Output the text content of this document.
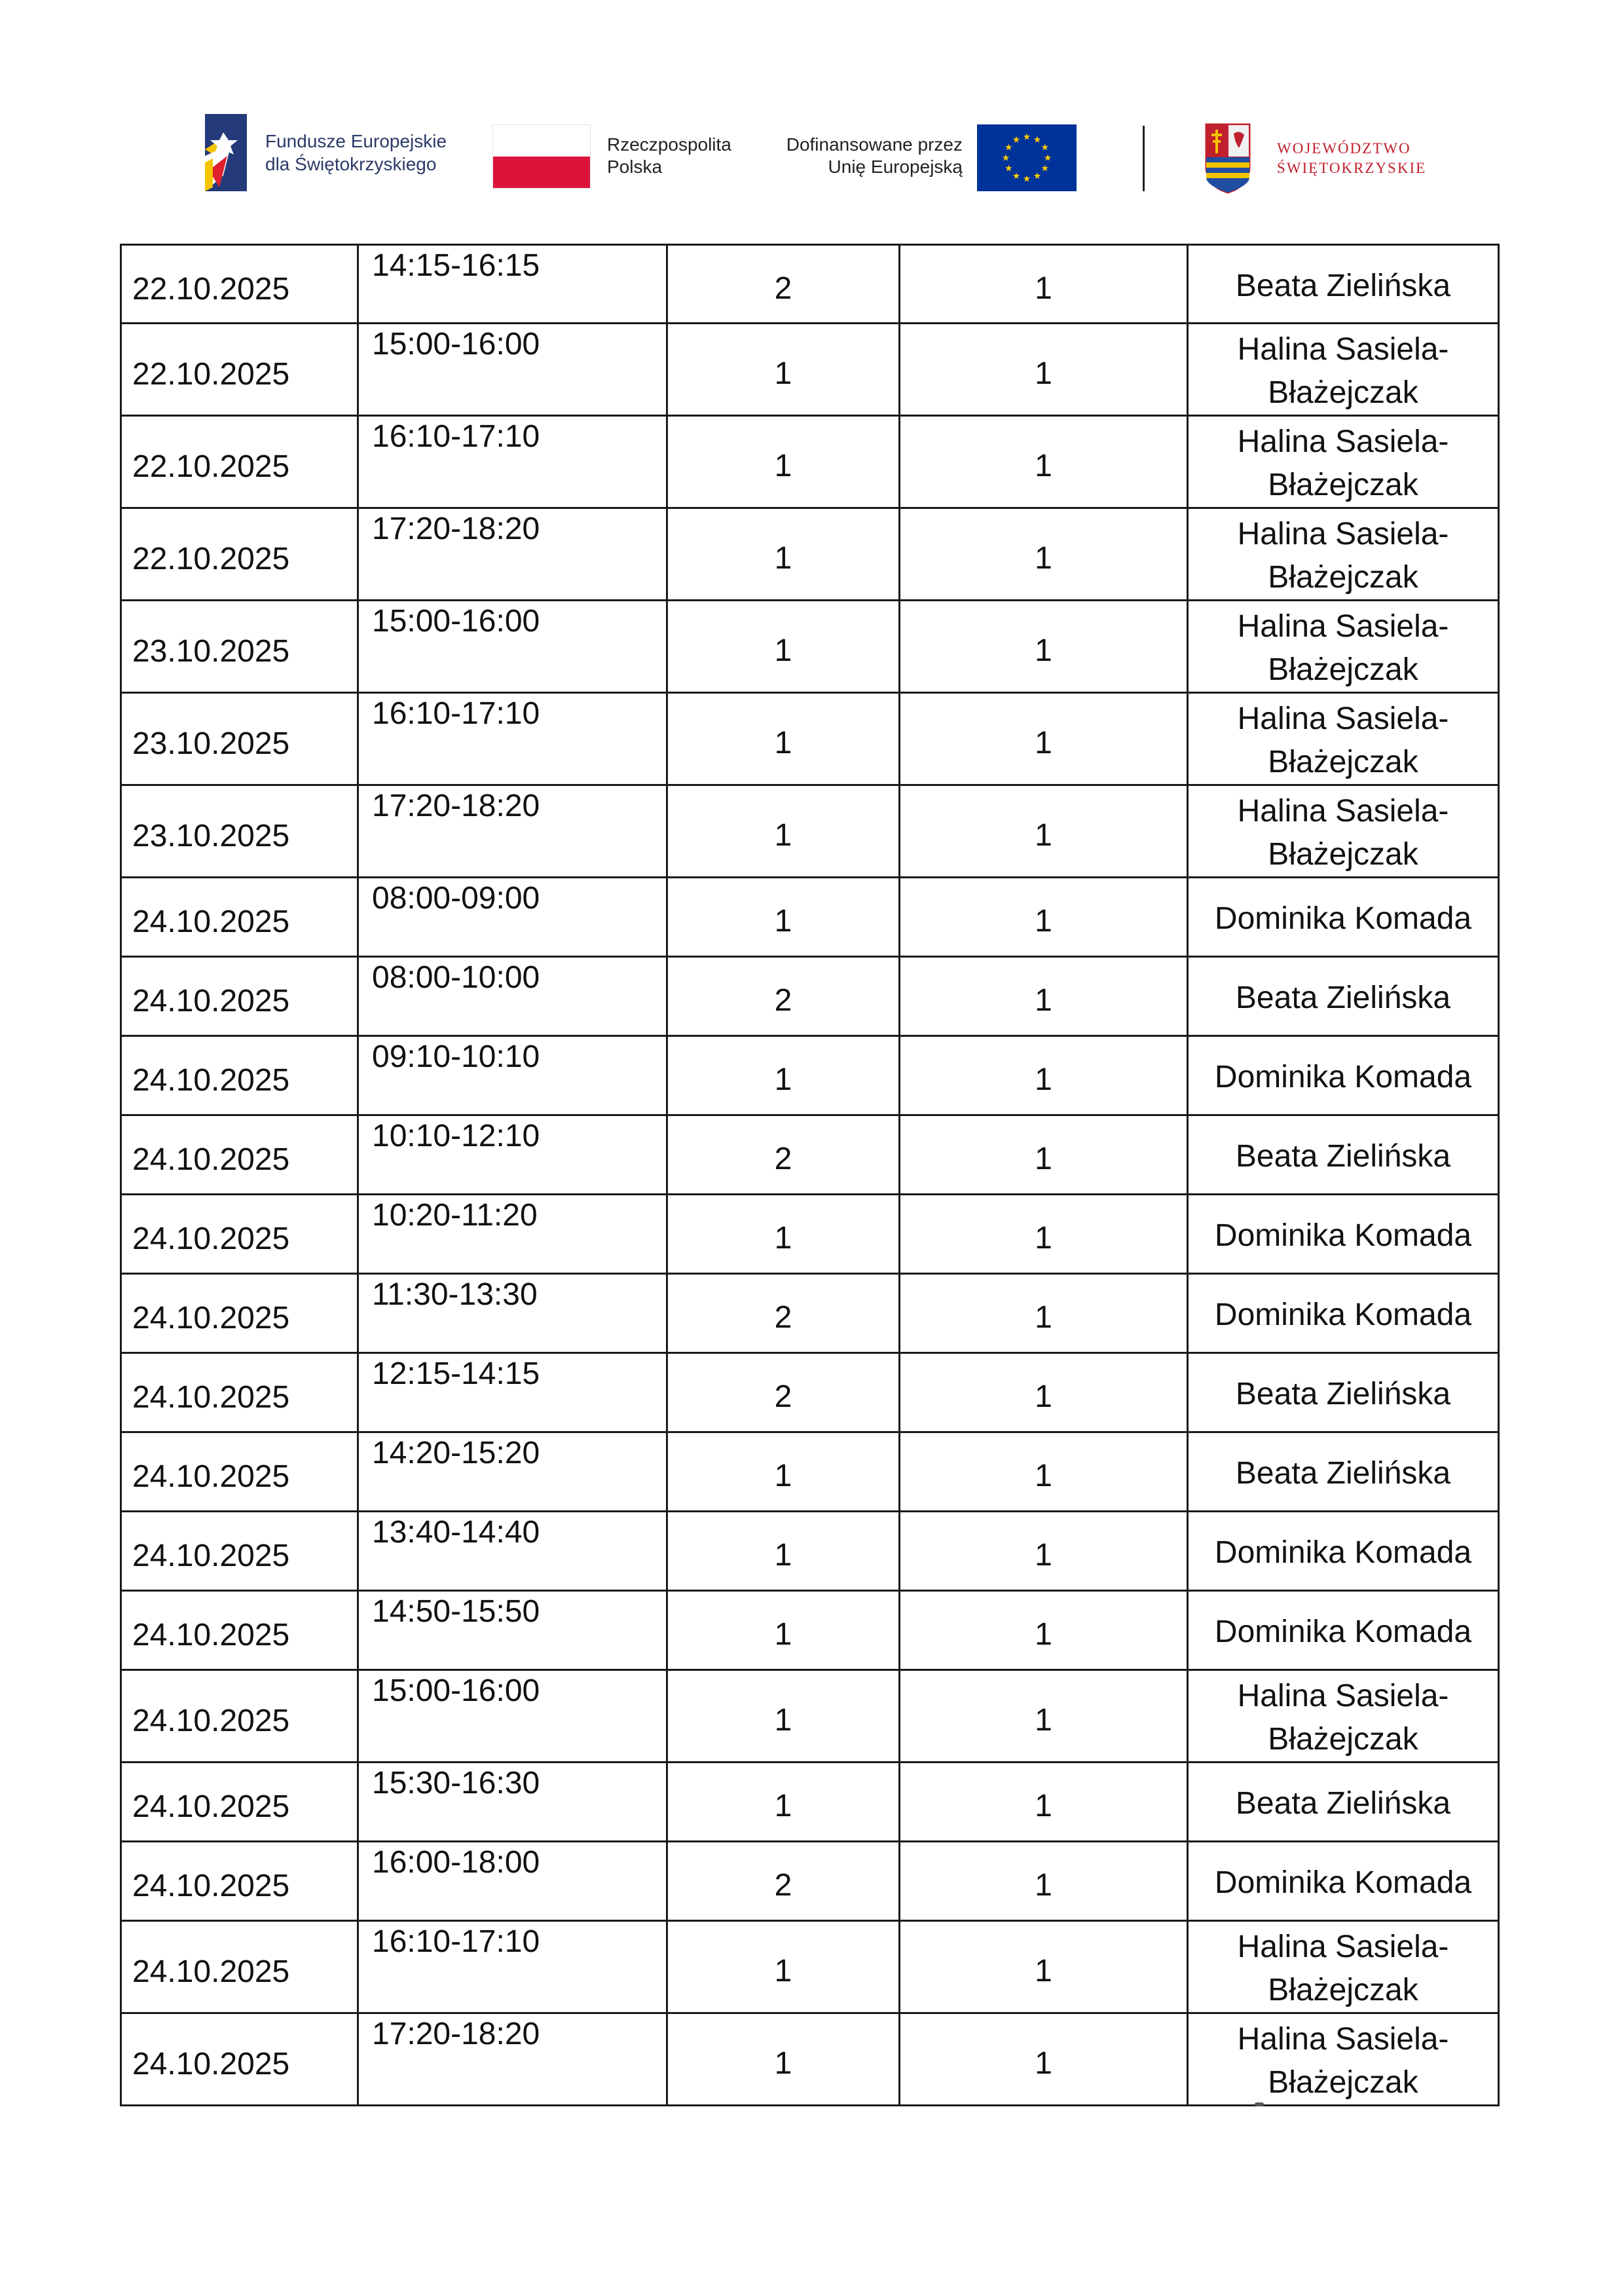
Fundusze Europejskie
dla Świętokrzyskiego
Rzeczpospolita
Polska
Dofinansowane przez
Unię Europejską
WOJEWÓDZTWO
ŚWIĘTOKRZYSKIE
22.10.2025	14:15-16:15	2	1	Beata Zielińska
22.10.2025	15:00-16:00	1	1	Halina Sasiela-
Błażejczak
22.10.2025	16:10-17:10	1	1	Halina Sasiela-
Błażejczak
22.10.2025	17:20-18:20	1	1	Halina Sasiela-
Błażejczak
23.10.2025	15:00-16:00	1	1	Halina Sasiela-
Błażejczak
23.10.2025	16:10-17:10	1	1	Halina Sasiela-
Błażejczak
23.10.2025	17:20-18:20	1	1	Halina Sasiela-
Błażejczak
24.10.2025	08:00-09:00	1	1	Dominika Komada
24.10.2025	08:00-10:00	2	1	Beata Zielińska
24.10.2025	09:10-10:10	1	1	Dominika Komada
24.10.2025	10:10-12:10	2	1	Beata Zielińska
24.10.2025	10:20-11:20	1	1	Dominika Komada
24.10.2025	11:30-13:30	2	1	Dominika Komada
24.10.2025	12:15-14:15	2	1	Beata Zielińska
24.10.2025	14:20-15:20	1	1	Beata Zielińska
24.10.2025	13:40-14:40	1	1	Dominika Komada
24.10.2025	14:50-15:50	1	1	Dominika Komada
24.10.2025	15:00-16:00	1	1	Halina Sasiela-
Błażejczak
24.10.2025	15:30-16:30	1	1	Beata Zielińska
24.10.2025	16:00-18:00	2	1	Dominika Komada
24.10.2025	16:10-17:10	1	1	Halina Sasiela-
Błażejczak
24.10.2025	17:20-18:20	1	1	Halina Sasiela-
Błażejczak
